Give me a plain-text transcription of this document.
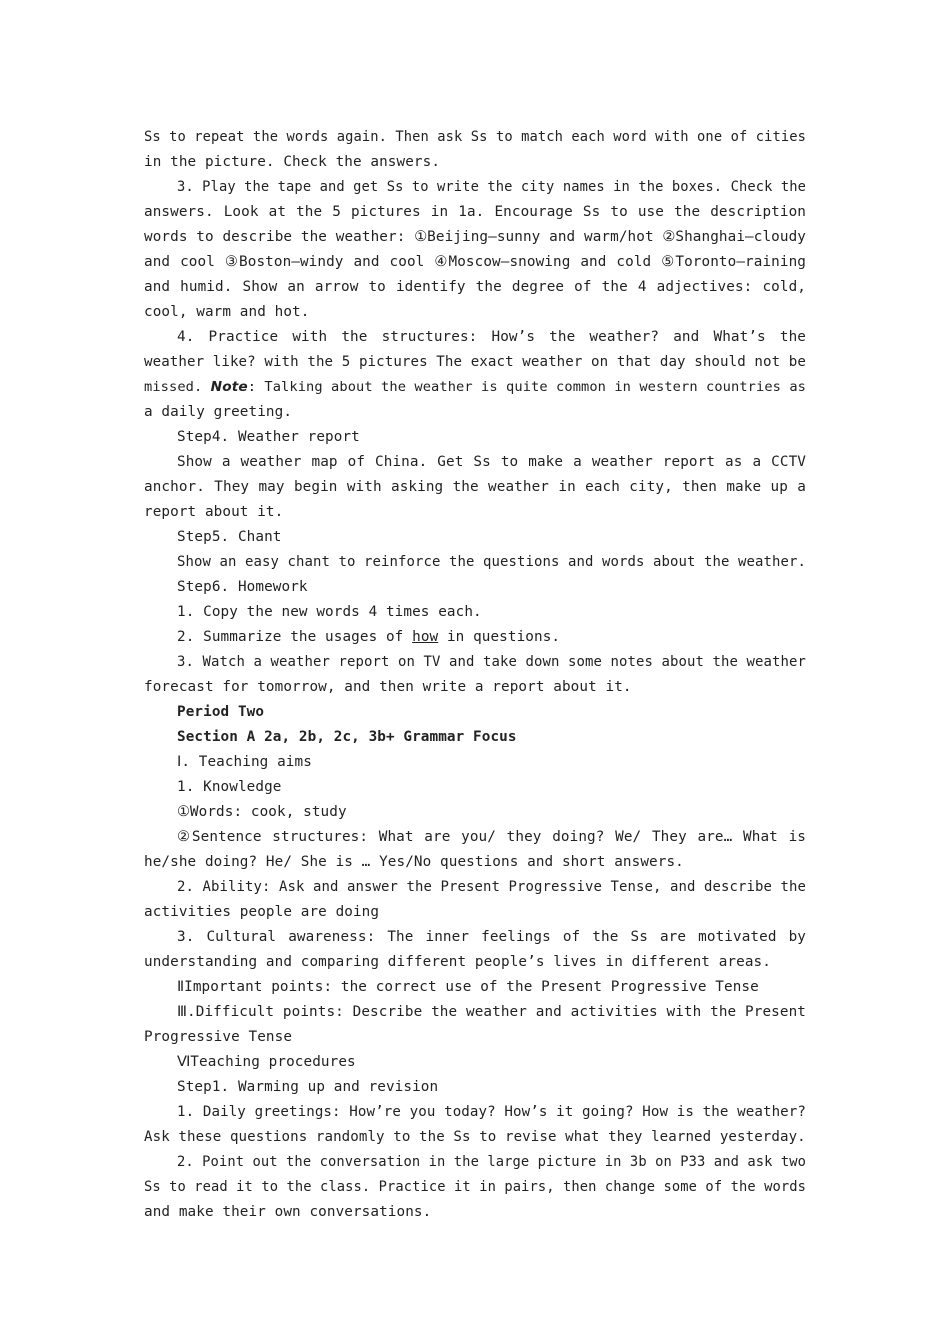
Ss to repeat the words again. Then ask Ss to match each word with one of cities
in the picture. Check the answers.
3. Play the tape and get Ss to write the city names in the boxes. Check the
answers. Look at the 5 pictures in 1a. Encourage Ss to use the description
words to describe the weather: ①Beijing—sunny and warm/hot ②Shanghai—cloudy
and cool ③Boston—windy and cool ④Moscow—snowing and cold ⑤Toronto—raining
and humid. Show an arrow to identify the degree of the 4 adjectives: cold,
cool, warm and hot.
4. Practice with the structures: How’s the weather? and What’s the
weather like? with the 5 pictures The exact weather on that day should not be
missed. Note: Talking about the weather is quite common in western countries as
a daily greeting.
Step4. Weather report
Show a weather map of China. Get Ss to make a weather report as a CCTV
anchor. They may begin with asking the weather in each city, then make up a
report about it.
Step5. Chant
Show an easy chant to reinforce the questions and words about the weather.
Step6. Homework
1. Copy the new words 4 times each.
2. Summarize the usages of how in questions.
3. Watch a weather report on TV and take down some notes about the weather
forecast for tomorrow, and then write a report about it.
Period Two
Section A 2a, 2b, 2c, 3b+ Grammar Focus
Ⅰ. Teaching aims
1. Knowledge
①Words: cook, study
②Sentence structures: What are you/ they doing? We/ They are… What is
he/she doing? He/ She is … Yes/No questions and short answers.
2. Ability: Ask and answer the Present Progressive Tense, and describe the
activities people are doing
3. Cultural awareness: The inner feelings of the Ss are motivated by
understanding and comparing different people’s lives in different areas.
ⅡImportant points: the correct use of the Present Progressive Tense
Ⅲ.Difficult points: Describe the weather and activities with the Present
Progressive Tense
ⅥTeaching procedures
Step1. Warming up and revision
1. Daily greetings: How’re you today? How’s it going? How is the weather?
Ask these questions randomly to the Ss to revise what they learned yesterday.
2. Point out the conversation in the large picture in 3b on P33 and ask two
Ss to read it to the class. Practice it in pairs, then change some of the words
and make their own conversations.
